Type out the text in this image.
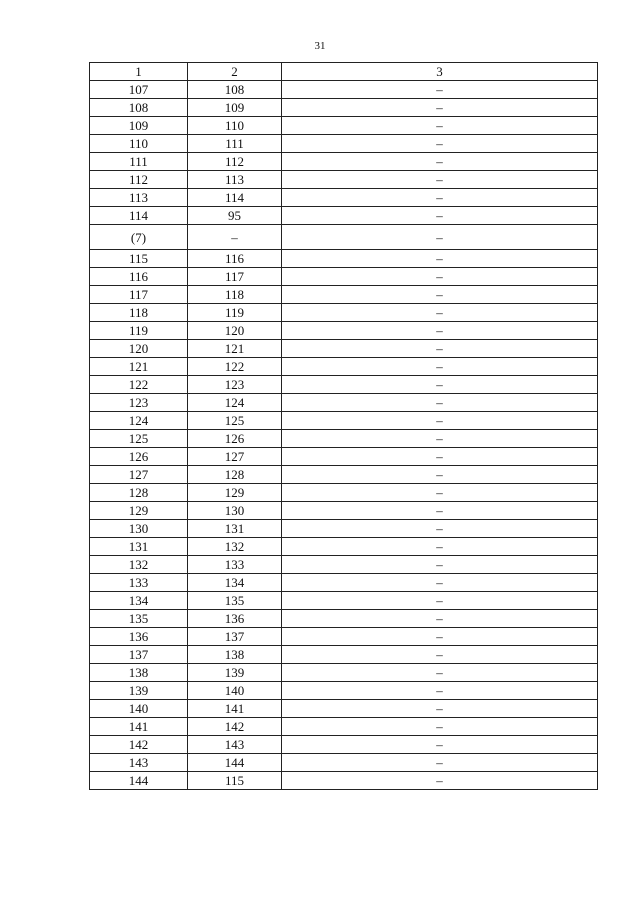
31
1	2	3
107	108	–
108	109	–
109	110	–
110	111	–
111	112	–
112	113	–
113	114	–
114	95	–
(7)	–	–
115	116	–
116	117	–
117	118	–
118	119	–
119	120	–
120	121	–
121	122	–
122	123	–
123	124	–
124	125	–
125	126	–
126	127	–
127	128	–
128	129	–
129	130	–
130	131	–
131	132	–
132	133	–
133	134	–
134	135	–
135	136	–
136	137	–
137	138	–
138	139	–
139	140	–
140	141	–
141	142	–
142	143	–
143	144	–
144	115	–
